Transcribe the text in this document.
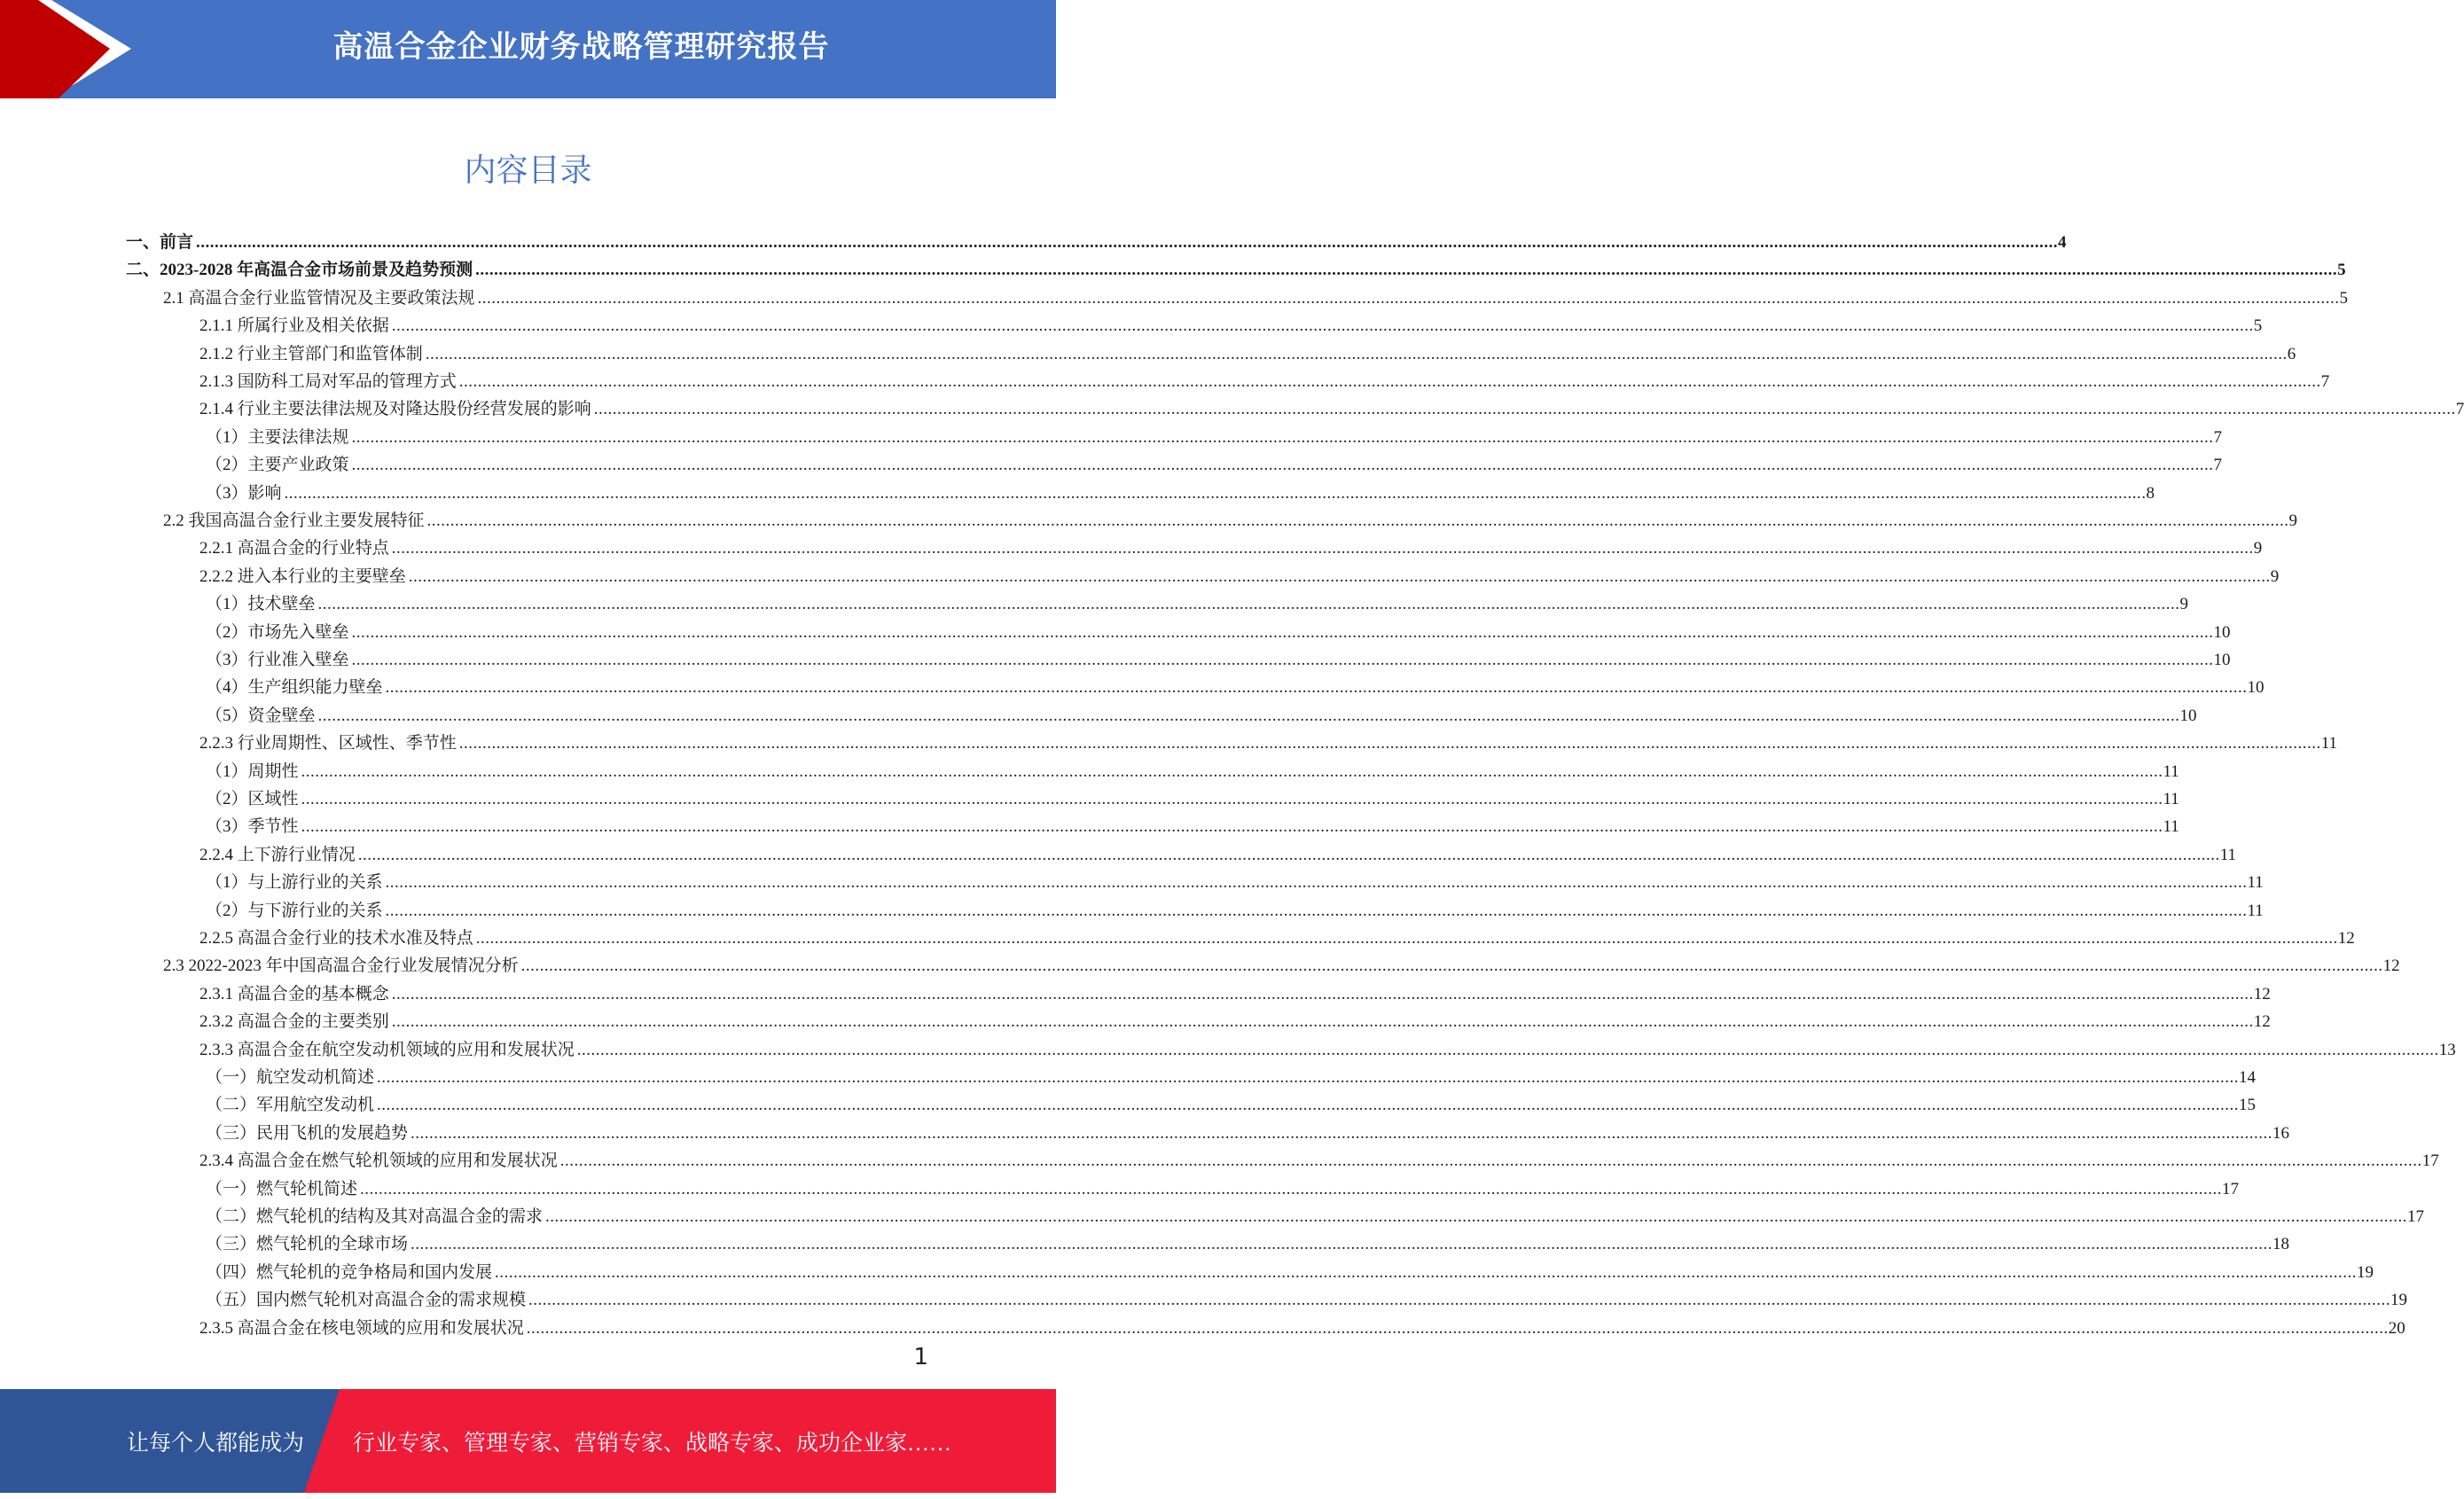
高温合金企业财务战略管理研究报告
内容目录
一、前言 ................................................................................................................................................................................................................................................................................................................................................................................................................ 4
二、2023-2028 年高温合金市场前景及趋势预测 ................................................................................................................................................................................................................................................................................................................................................................................................................ 5
2.1 高温合金行业监管情况及主要政策法规 ................................................................................................................................................................................................................................................................................................................................................................................................................ 5
2.1.1 所属行业及相关依据 ................................................................................................................................................................................................................................................................................................................................................................................................................ 5
2.1.2 行业主管部门和监管体制 ................................................................................................................................................................................................................................................................................................................................................................................................................ 6
2.1.3 国防科工局对军品的管理方式 ................................................................................................................................................................................................................................................................................................................................................................................................................ 7
2.1.4 行业主要法律法规及对隆达股份经营发展的影响 ................................................................................................................................................................................................................................................................................................................................................................................................................ 7
（1）主要法律法规 ................................................................................................................................................................................................................................................................................................................................................................................................................ 7
（2）主要产业政策 ................................................................................................................................................................................................................................................................................................................................................................................................................ 7
（3）影响 ................................................................................................................................................................................................................................................................................................................................................................................................................ 8
2.2 我国高温合金行业主要发展特征 ................................................................................................................................................................................................................................................................................................................................................................................................................ 9
2.2.1 高温合金的行业特点 ................................................................................................................................................................................................................................................................................................................................................................................................................ 9
2.2.2 进入本行业的主要壁垒 ................................................................................................................................................................................................................................................................................................................................................................................................................ 9
（1）技术壁垒 ................................................................................................................................................................................................................................................................................................................................................................................................................ 9
（2）市场先入壁垒 ................................................................................................................................................................................................................................................................................................................................................................................................................ 10
（3）行业准入壁垒 ................................................................................................................................................................................................................................................................................................................................................................................................................ 10
（4）生产组织能力壁垒 ................................................................................................................................................................................................................................................................................................................................................................................................................ 10
（5）资金壁垒 ................................................................................................................................................................................................................................................................................................................................................................................................................ 10
2.2.3 行业周期性、区域性、季节性 ................................................................................................................................................................................................................................................................................................................................................................................................................ 11
（1）周期性 ................................................................................................................................................................................................................................................................................................................................................................................................................ 11
（2）区域性 ................................................................................................................................................................................................................................................................................................................................................................................................................ 11
（3）季节性 ................................................................................................................................................................................................................................................................................................................................................................................................................ 11
2.2.4 上下游行业情况 ................................................................................................................................................................................................................................................................................................................................................................................................................ 11
（1）与上游行业的关系 ................................................................................................................................................................................................................................................................................................................................................................................................................ 11
（2）与下游行业的关系 ................................................................................................................................................................................................................................................................................................................................................................................................................ 11
2.2.5 高温合金行业的技术水准及特点 ................................................................................................................................................................................................................................................................................................................................................................................................................ 12
2.3 2022-2023 年中国高温合金行业发展情况分析 ................................................................................................................................................................................................................................................................................................................................................................................................................ 12
2.3.1 高温合金的基本概念 ................................................................................................................................................................................................................................................................................................................................................................................................................ 12
2.3.2 高温合金的主要类别 ................................................................................................................................................................................................................................................................................................................................................................................................................ 12
2.3.3 高温合金在航空发动机领域的应用和发展状况 ................................................................................................................................................................................................................................................................................................................................................................................................................ 13
（一）航空发动机简述 ................................................................................................................................................................................................................................................................................................................................................................................................................ 14
（二）军用航空发动机 ................................................................................................................................................................................................................................................................................................................................................................................................................ 15
（三）民用飞机的发展趋势 ................................................................................................................................................................................................................................................................................................................................................................................................................ 16
2.3.4 高温合金在燃气轮机领域的应用和发展状况 ................................................................................................................................................................................................................................................................................................................................................................................................................ 17
（一）燃气轮机简述 ................................................................................................................................................................................................................................................................................................................................................................................................................ 17
（二）燃气轮机的结构及其对高温合金的需求 ................................................................................................................................................................................................................................................................................................................................................................................................................ 17
（三）燃气轮机的全球市场 ................................................................................................................................................................................................................................................................................................................................................................................................................ 18
（四）燃气轮机的竞争格局和国内发展 ................................................................................................................................................................................................................................................................................................................................................................................................................ 19
（五）国内燃气轮机对高温合金的需求规模 ................................................................................................................................................................................................................................................................................................................................................................................................................ 19
2.3.5 高温合金在核电领域的应用和发展状况 ................................................................................................................................................................................................................................................................................................................................................................................................................ 20
1
让每个人都能成为 行业专家、管理专家、营销专家、战略专家、成功企业家……
